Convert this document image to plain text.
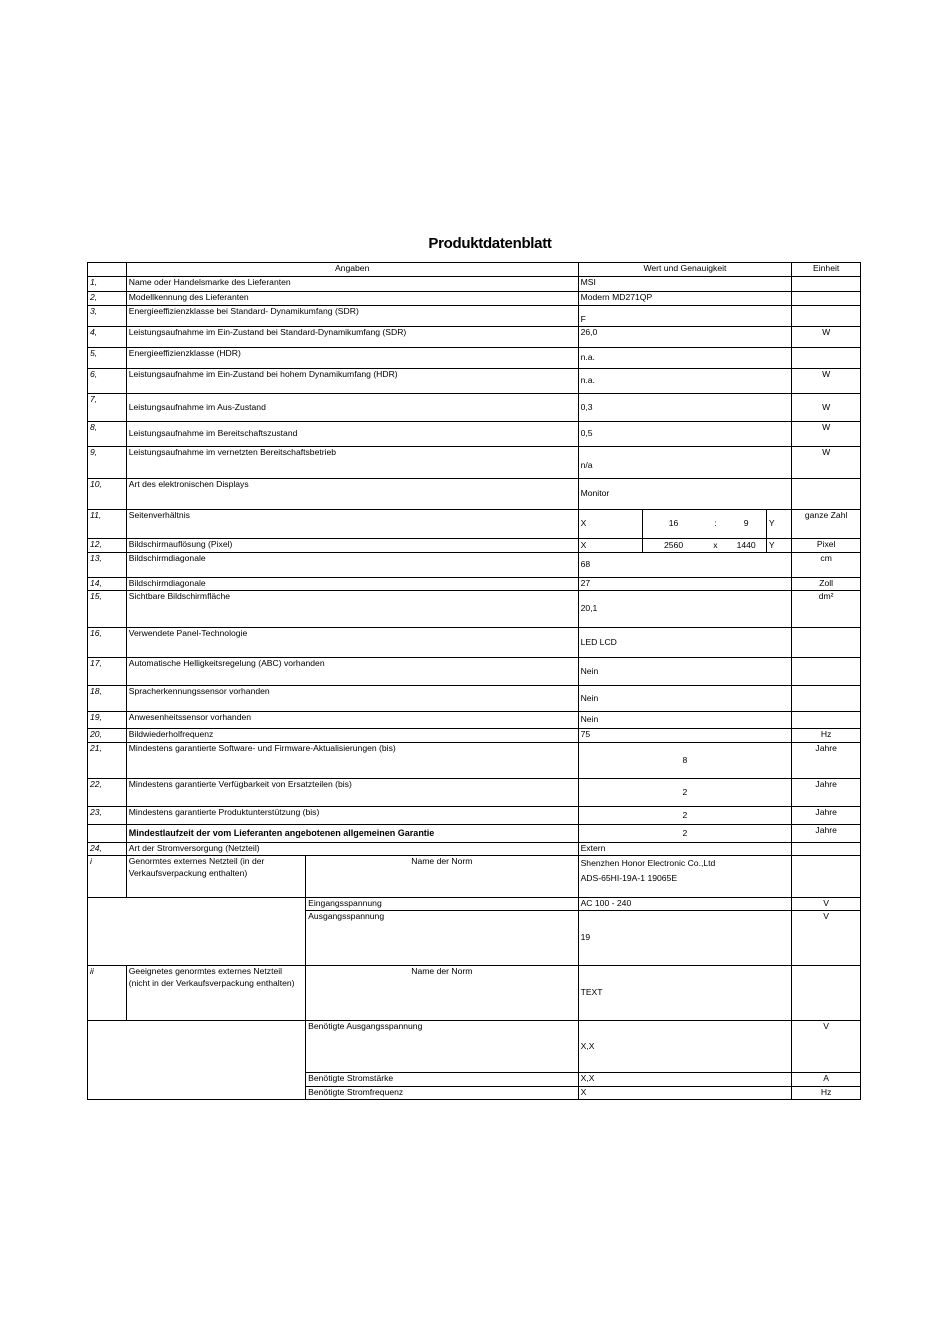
Produktdatenblatt
	Angaben		Wert und Genauigkeit					Einheit
1,	Name oder Handelsmarke des Lieferanten		MSI					
2,	Modellkennung des Lieferanten		Modern MD271QP					
3,	Energieeffizienzklasse bei Standard- Dynamikumfang (SDR)		F					
4,	Leistungsaufnahme im Ein-Zustand bei Standard-Dynamikumfang (SDR)		26,0					W
5,	Energieeffizienzklasse (HDR)		n.a.					
6,	Leistungsaufnahme im Ein-Zustand bei hohem Dynamikumfang (HDR)		n.a.					W
7,	Leistungsaufnahme im Aus-Zustand		0,3					W
8,	Leistungsaufnahme im Bereitschaftszustand		0,5					W
9,	Leistungsaufnahme im vernetzten Bereitschaftsbetrieb		n/a					W
10,	Art des elektronischen Displays		Monitor					
11,	Seitenverhältnis		X	16	:	9	Y	ganze Zahl
12,	Bildschirmauflösung (Pixel)		X	2560	x	1440	Y	Pixel
13,	Bildschirmdiagonale		68					cm
14,	Bildschirmdiagonale		27					Zoll
15,	Sichtbare Bildschirmfläche		20,1					dm²
16,	Verwendete Panel-Technologie		LED LCD					
17,	Automatische Helligkeitsregelung (ABC) vorhanden		Nein					
18,	Spracherkennungssensor vorhanden		Nein					
19,	Anwesenheitssensor vorhanden		Nein					
20,	Bildwiederholfrequenz		75					Hz
21,	Mindestens garantierte Software- und Firmware-Aktualisierungen (bis)		8					Jahre
22,	Mindestens garantierte Verfügbarkeit von Ersatzteilen (bis)		2					Jahre
23,	Mindestens garantierte Produktunterstützung (bis)		2					Jahre
	Mindestlaufzeit der vom Lieferanten angebotenen allgemeinen Garantie		2					Jahre
24,	Art der Stromversorgung (Netzteil)		Extern					
i	Genormtes externes Netzteil (in der Verkaufsverpackung enthalten)	Name der Norm	Shenzhen Honor Electronic Co.,Ltd
ADS-65HI-19A-1 19065E					

		Eingangsspannung	AC 100 - 240					V
		Ausgangsspannung	19					V
ii	Geeignetes genormtes externes Netzteil (nicht in der Verkaufsverpackung enthalten)	Name der Norm	TEXT					
		Benötigte Ausgangsspannung	X,X					V
		Benötigte Stromstärke	X,X					A
		Benötigte Stromfrequenz	X					Hz
